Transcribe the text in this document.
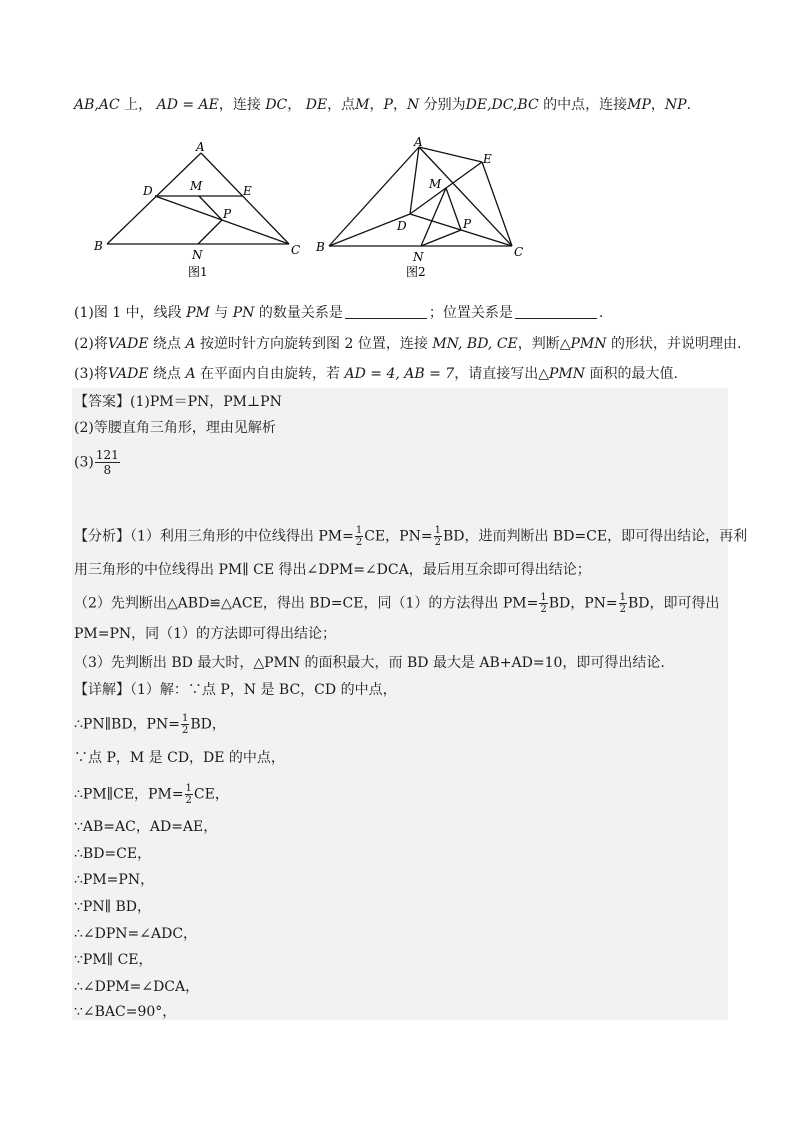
AB,AC 上， AD = AE，连接 DC， DE，点M，P，N 分别为DE,DC,BC 的中点，连接MP，NP.
A
D	M	E
P
B
N	C
图1
A
E
M
D	P
B
N	C
图2
(1)图 1 中，线段 PM 与 PN 的数量关系是	；位置关系是	.
(2)将VADE 绕点 A 按逆时针方向旋转到图 2 位置，连接 MN, BD, CE，判断△PMN 的形状，并说明理由.
(3)将VADE 绕点 A 在平面内自由旋转，若 AD = 4, AB = 7，请直接写出△PMN 面积的最大值.
【答案】(1)PM＝PN，PM⊥PN
(2)等腰直角三角形，理由见解析
$(3) \frac{121}{8}$
【分析】（1）利用三角形的中位线得出 $PM= \frac{1}{2}$ CE，$PN= \frac{1}{2}$ BD，进而判断出 BD=CE，即可得出结论，再利
用三角形的中位线得出 PM∥ CE 得出∠DPM=∠DCA，最后用互余即可得出结论；
（2）先判断出△ABD≌△ACE，得出 BD=CE，同（1）的方法得出 $PM= \frac{1}{2}$ BD，$PN= \frac{1}{2}$ BD，即可得出
PM=PN，同（1）的方法即可得出结论；
（3）先判断出 BD 最大时，△PMN 的面积最大，而 BD 最大是 AB+AD=10，即可得出结论.
【详解】（1）解：∵点 P，N 是 BC，CD 的中点，
∴PN∥BD，$PN= \frac{1}{2}$ BD，
∵点 P，M 是 CD，DE 的中点，
∴PM∥CE，$PM= \frac{1}{2}$ CE，
∵AB=AC，AD=AE，
∴BD=CE，
∴PM=PN，
∵PN∥ BD，
∴∠DPN=∠ADC，
∵PM∥ CE，
∴∠DPM=∠DCA，
∵∠BAC=90°，
